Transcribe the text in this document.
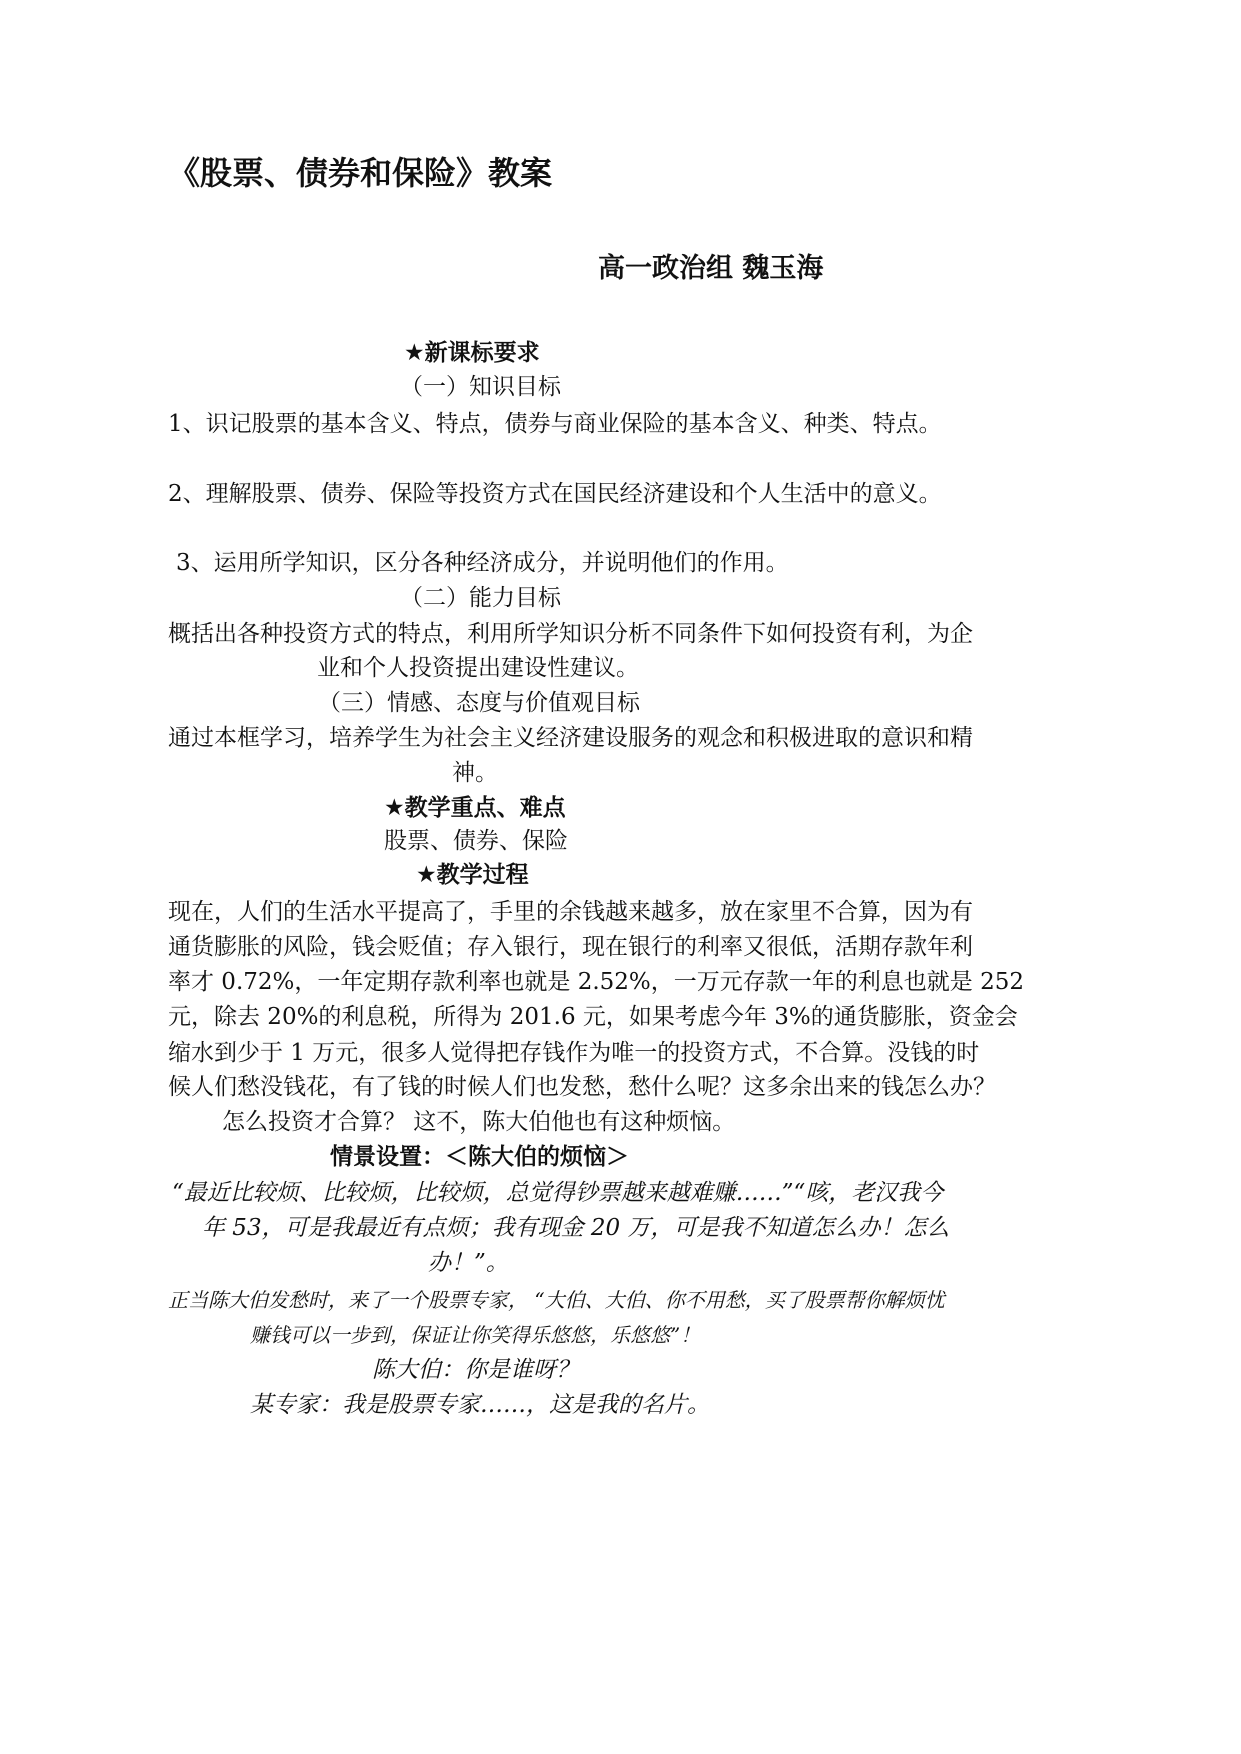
《股票、债券和保险》教案
高一政治组 魏玉海
★新课标要求
（一）知识目标
1、识记股票的基本含义、特点，债券与商业保险的基本含义、种类、特点。
2、理解股票、债券、保险等投资方式在国民经济建设和个人生活中的意义。
3、运用所学知识，区分各种经济成分，并说明他们的作用。
（二）能力目标
概括出各种投资方式的特点，利用所学知识分析不同条件下如何投资有利，为企
业和个人投资提出建设性建议。
（三）情感、态度与价值观目标
通过本框学习，培养学生为社会主义经济建设服务的观念和积极进取的意识和精
神。
★教学重点、难点
股票、债券、保险
★教学过程
现在，人们的生活水平提高了，手里的余钱越来越多，放在家里不合算，因为有
通货膨胀的风险，钱会贬值；存入银行，现在银行的利率又很低，活期存款年利
率才 0.72%，一年定期存款利率也就是 2.52%，一万元存款一年的利息也就是 252
元，除去 20%的利息税，所得为 201.6 元，如果考虑今年 3%的通货膨胀，资金会
缩水到少于 1 万元，很多人觉得把存钱作为唯一的投资方式，不合算。没钱的时
候人们愁没钱花，有了钱的时候人们也发愁，愁什么呢？这多余出来的钱怎么办？
怎么投资才合算？ 这不，陈大伯他也有这种烦恼。
情景设置：＜陈大伯的烦恼＞
“最近比较烦、比较烦，比较烦，总觉得钞票越来越难赚……”“咳，老汉我今
年 53，可是我最近有点烦；我有现金 20 万，可是我不知道怎么办！怎么
办！”。
正当陈大伯发愁时，来了一个股票专家， “大伯、大伯、你不用愁，买了股票帮你解烦忧
赚钱可以一步到，保证让你笑得乐悠悠，乐悠悠”！
陈大伯：你是谁呀？
某专家：我是股票专家……，这是我的名片。
